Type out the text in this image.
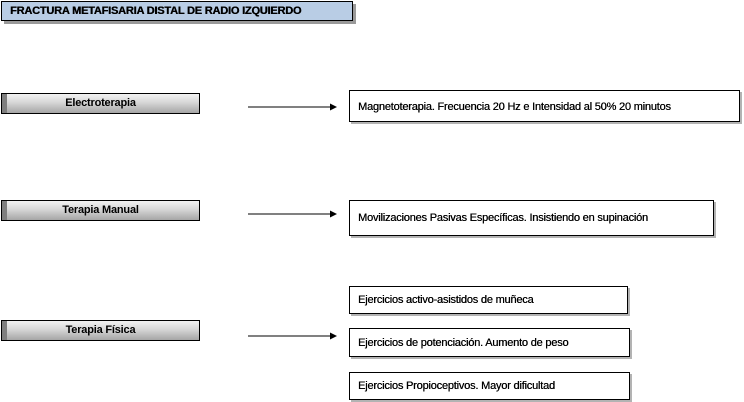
FRACTURA METAFISARIA DISTAL DE RADIO IZQUIERDO
Electroterapia	Magnetoterapia. Frecuencia 20 Hz e Intensidad al 50% 20 minutos
Terapia Manual
Movilizaciones Pasivas Específicas. Insistiendo en supinación
Terapia Física
Ejercicios activo-asistidos de muñeca
Ejercicios de potenciación. Aumento de peso
Ejercicios Propioceptivos. Mayor dificultad
